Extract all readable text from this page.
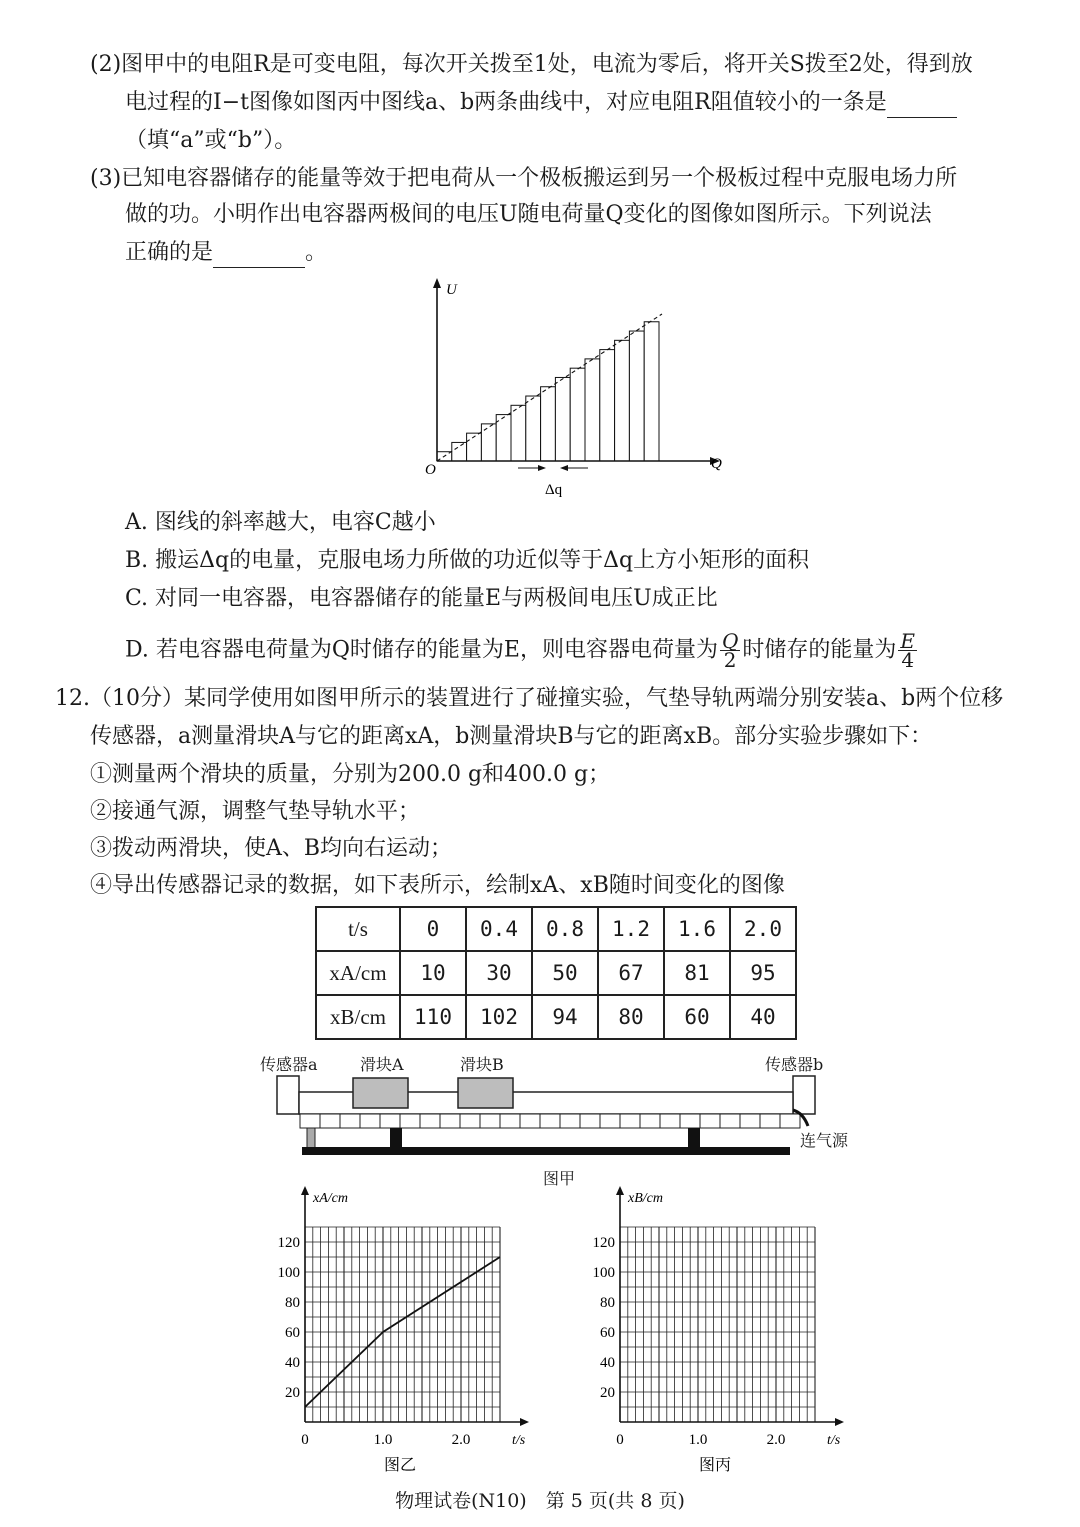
(2)图甲中的电阻R是可变电阻，每次开关拨至1处，电流为零后，将开关S拨至2处，得到放
电过程的I−t图像如图丙中图线a、b两条曲线中，对应电阻R阻值较小的一条是
（填“a”或“b”）。
(3)已知电容器储存的能量等效于把电荷从一个极板搬运到另一个极板过程中克服电场力所
做的功。小明作出电容器两极间的电压U随电荷量Q变化的图像如图所示。下列说法
正确的是	。
U
Q
O
Δq
A. 图线的斜率越大，电容C越小
B. 搬运Δq的电量，克服电场力所做的功近似等于Δq上方小矩形的面积
C. 对同一电容器，电容器储存的能量E与两极间电压U成正比
D. 若电容器电荷量为Q时储存的能量为E，则电容器电荷量为 $\frac{Q}{2}$ 时储存的能量为 $\frac{E}{4}$
12.（10分）某同学使用如图甲所示的装置进行了碰撞实验，气垫导轨两端分别安装a、b两个位移
传感器，a测量滑块A与它的距离xA，b测量滑块B与它的距离xB。部分实验步骤如下：
①测量两个滑块的质量，分别为200.0 g和400.0 g；
②接通气源，调整气垫导轨水平；
③拨动两滑块，使A、B均向右运动；
④导出传感器记录的数据，如下表所示，绘制xA、xB随时间变化的图像
t/s	0	0.4	0.8	1.2	1.6	2.0
xA/cm	10	30	50	67	81	95
xB/cm	110	102	94	80	60	40
传感器a	滑块A	滑块B	传感器b
连气源
图甲
20
40
60
80
100
120
0	1.0	2.0
xA/cm
t/s
图乙
20
40
60
80
100
120
0	1.0	2.0
xB/cm
t/s
图丙
物理试卷(N10)　第 5 页(共 8 页)
